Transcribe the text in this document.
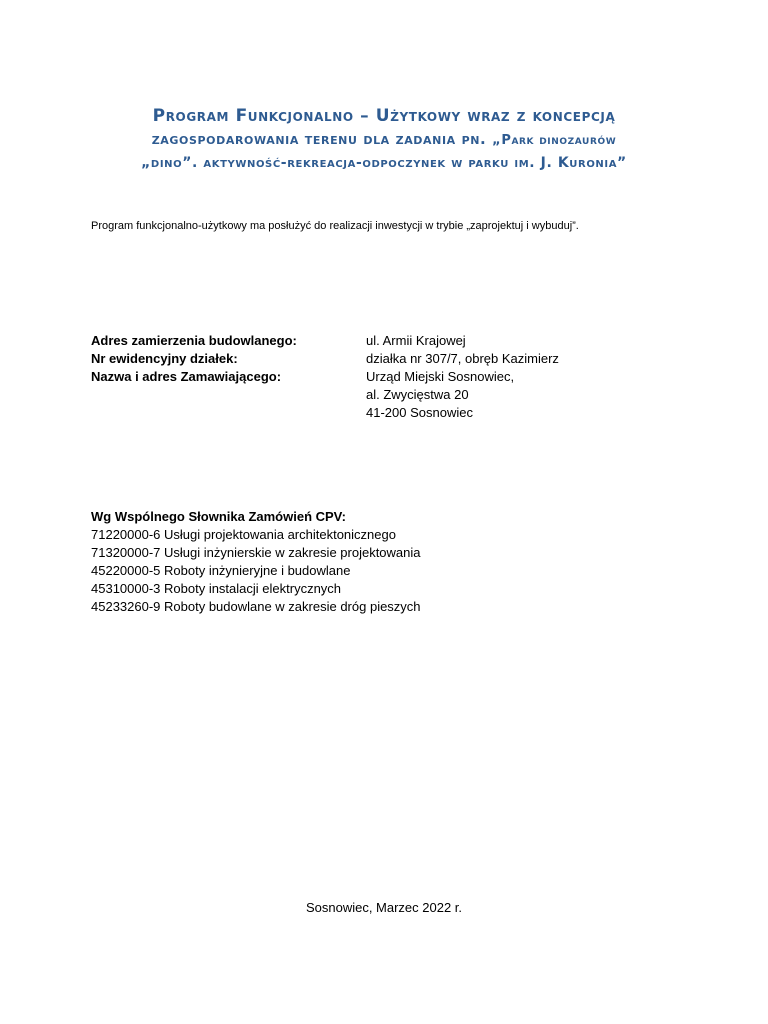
Program Funkcjonalno – Użytkowy wraz z koncepcją
zagospodarowania terenu dla zadania pn. „Park dinozaurów
„dino”. aktywność-rekreacja-odpoczynek w parku im. J. Kuronia”
Program funkcjonalno-użytkowy ma posłużyć do realizacji inwestycji w trybie „zaprojektuj i wybuduj”.
Adres zamierzenia budowlanego:	ul. Armii Krajowej
Nr ewidencyjny działek:	działka nr 307/7, obręb Kazimierz
Nazwa i adres Zamawiającego:	Urząd Miejski Sosnowiec,
al. Zwycięstwa 20
41-200 Sosnowiec
Wg Wspólnego Słownika Zamówień CPV:
71220000-6 Usługi projektowania architektonicznego
71320000-7 Usługi inżynierskie w zakresie projektowania
45220000-5 Roboty inżynieryjne i budowlane
45310000-3 Roboty instalacji elektrycznych
45233260-9 Roboty budowlane w zakresie dróg pieszych
Sosnowiec, Marzec 2022 r.
